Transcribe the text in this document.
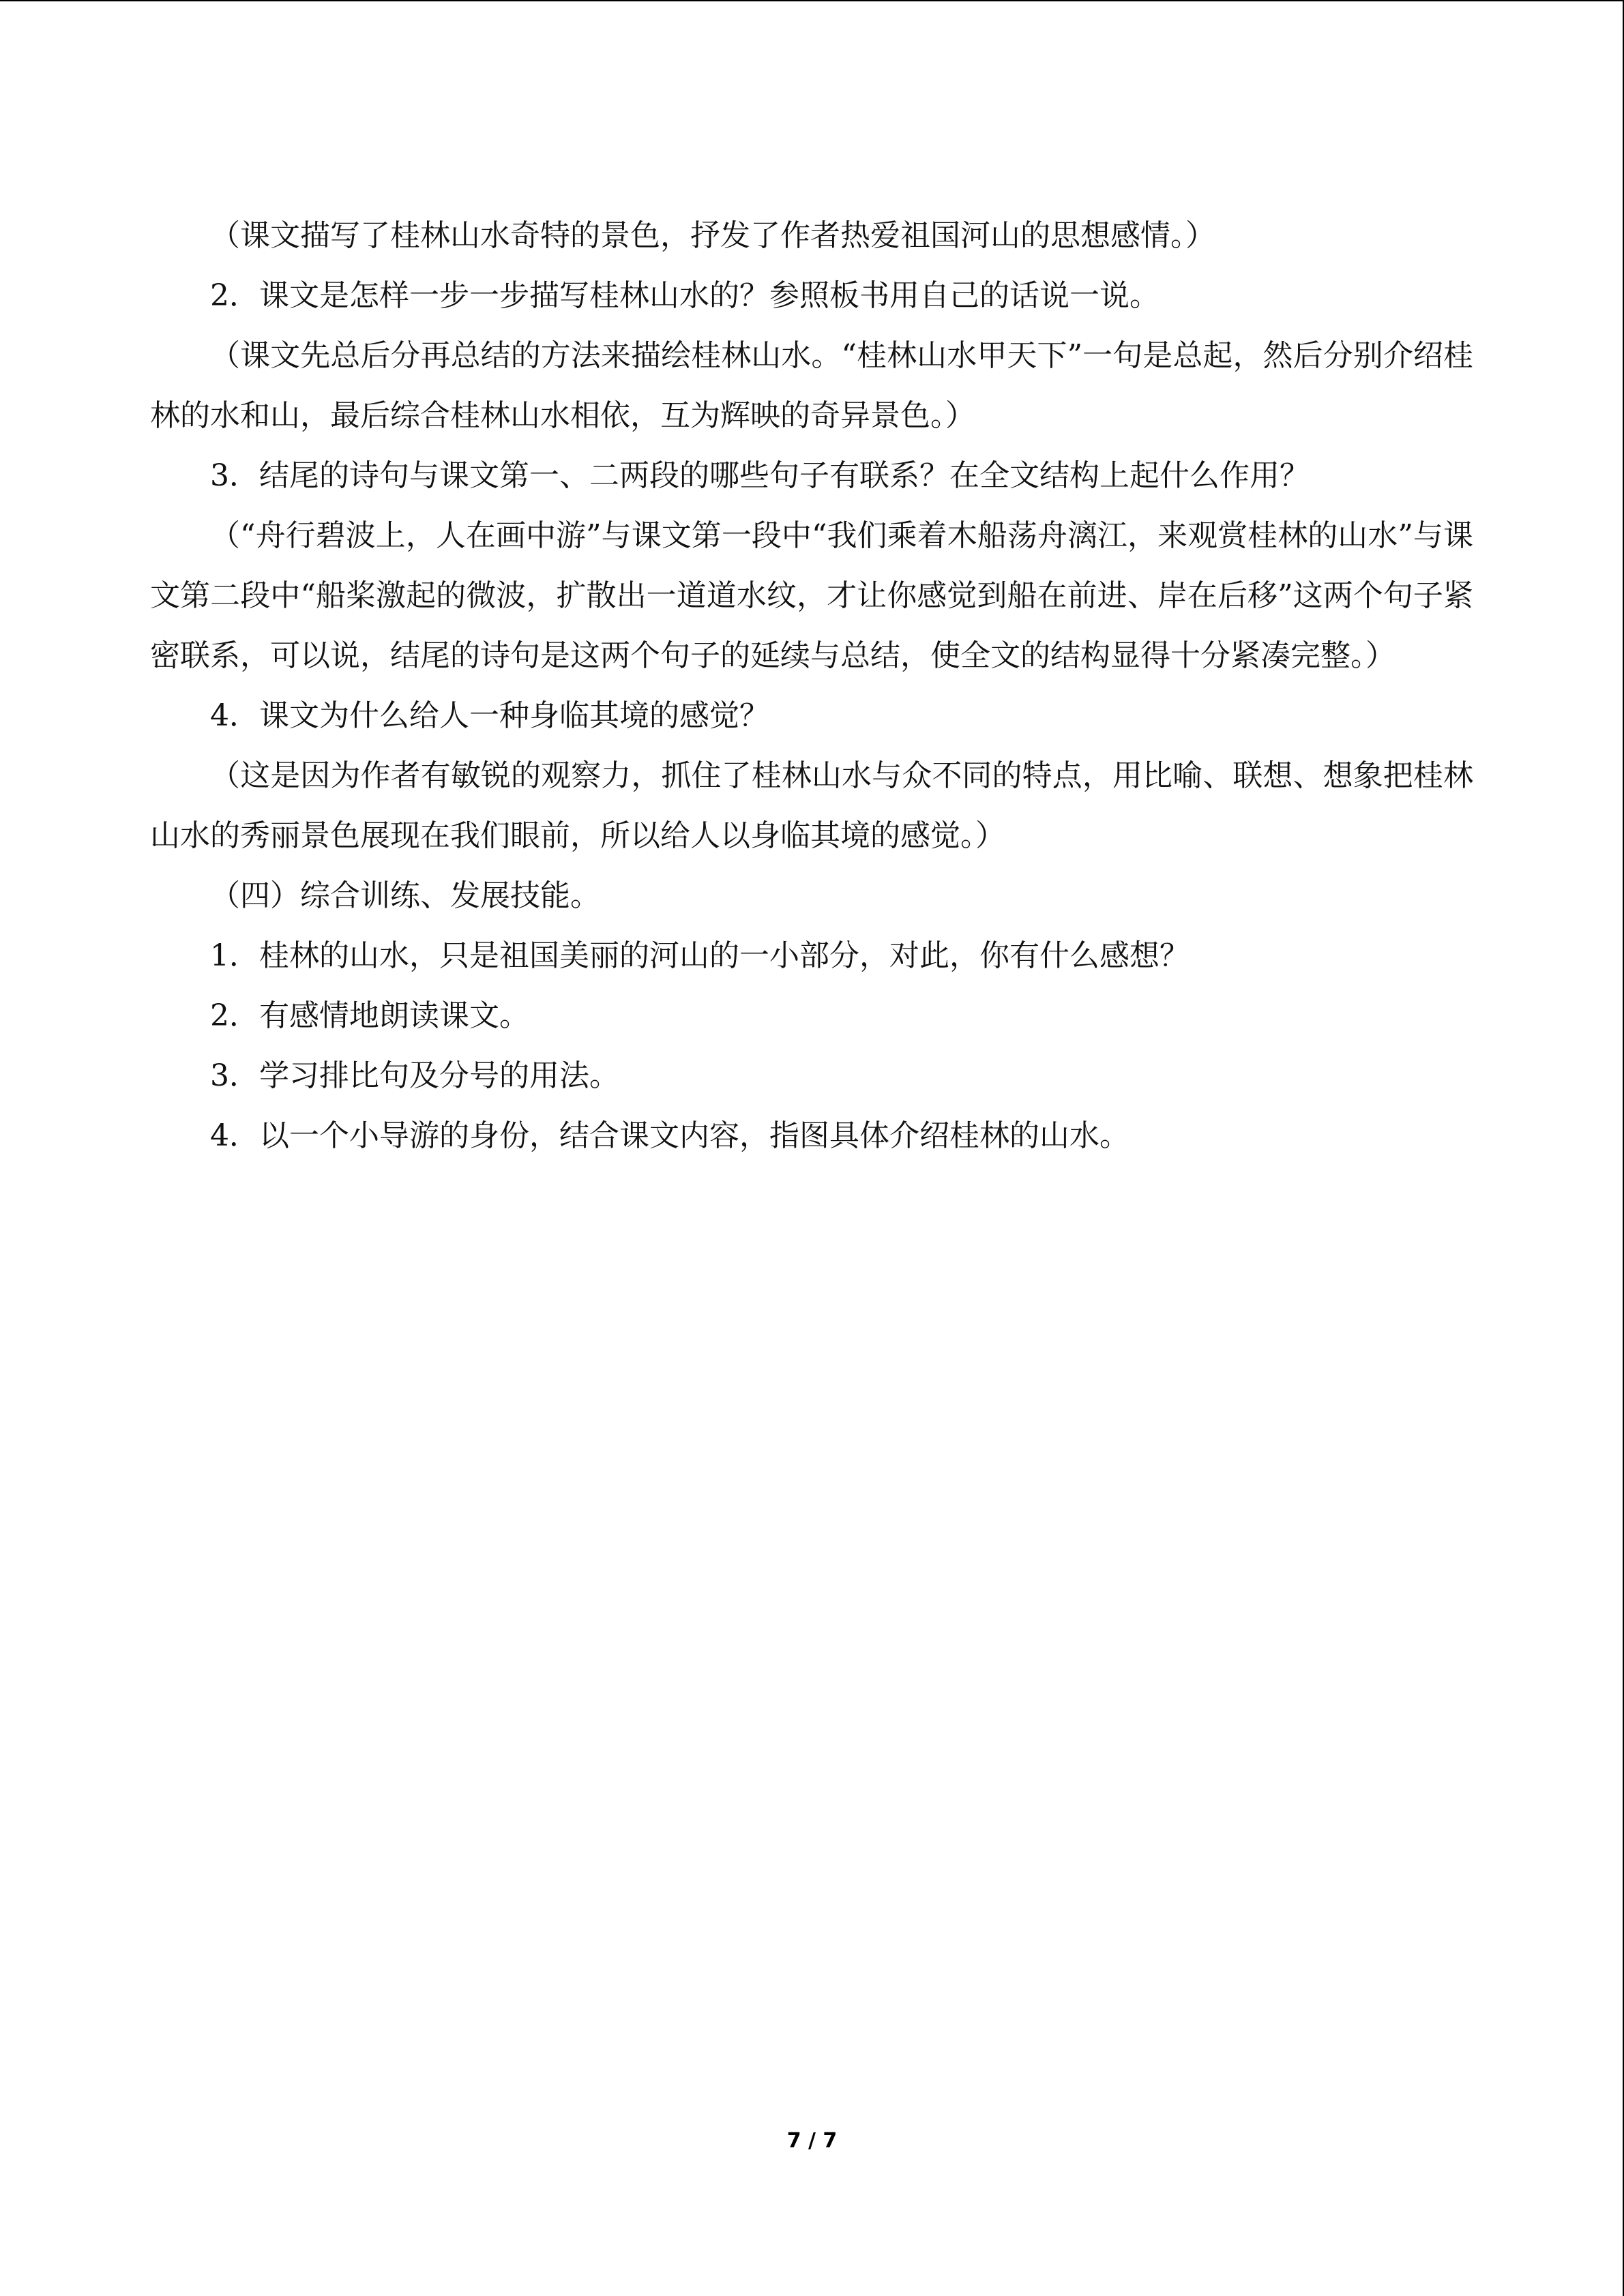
（课文描写了桂林山水奇特的景色，抒发了作者热爱祖国河山的思想感情。）

2．课文是怎样一步一步描写桂林山水的？参照板书用自己的话说一说。

（课文先总后分再总结的方法来描绘桂林山水。“桂林山水甲天下”一句是总起，然后分别介绍桂林的水和山，最后综合桂林山水相依，互为辉映的奇异景色。）

3．结尾的诗句与课文第一、二两段的哪些句子有联系？在全文结构上起什么作用？

（“舟行碧波上，人在画中游”与课文第一段中“我们乘着木船荡舟漓江，来观赏桂林的山水”与课文第二段中“船桨激起的微波，扩散出一道道水纹，才让你感觉到船在前进、岸在后移”这两个句子紧密联系，可以说，结尾的诗句是这两个句子的延续与总结，使全文的结构显得十分紧凑完整。）

4．课文为什么给人一种身临其境的感觉？

（这是因为作者有敏锐的观察力，抓住了桂林山水与众不同的特点，用比喻、联想、想象把桂林山水的秀丽景色展现在我们眼前，所以给人以身临其境的感觉。）

（四）综合训练、发展技能。

1．桂林的山水，只是祖国美丽的河山的一小部分，对此，你有什么感想？

2．有感情地朗读课文。

3．学习排比句及分号的用法。

4．以一个小导游的身份，结合课文内容，指图具体介绍桂林的山水。

7 / 7
